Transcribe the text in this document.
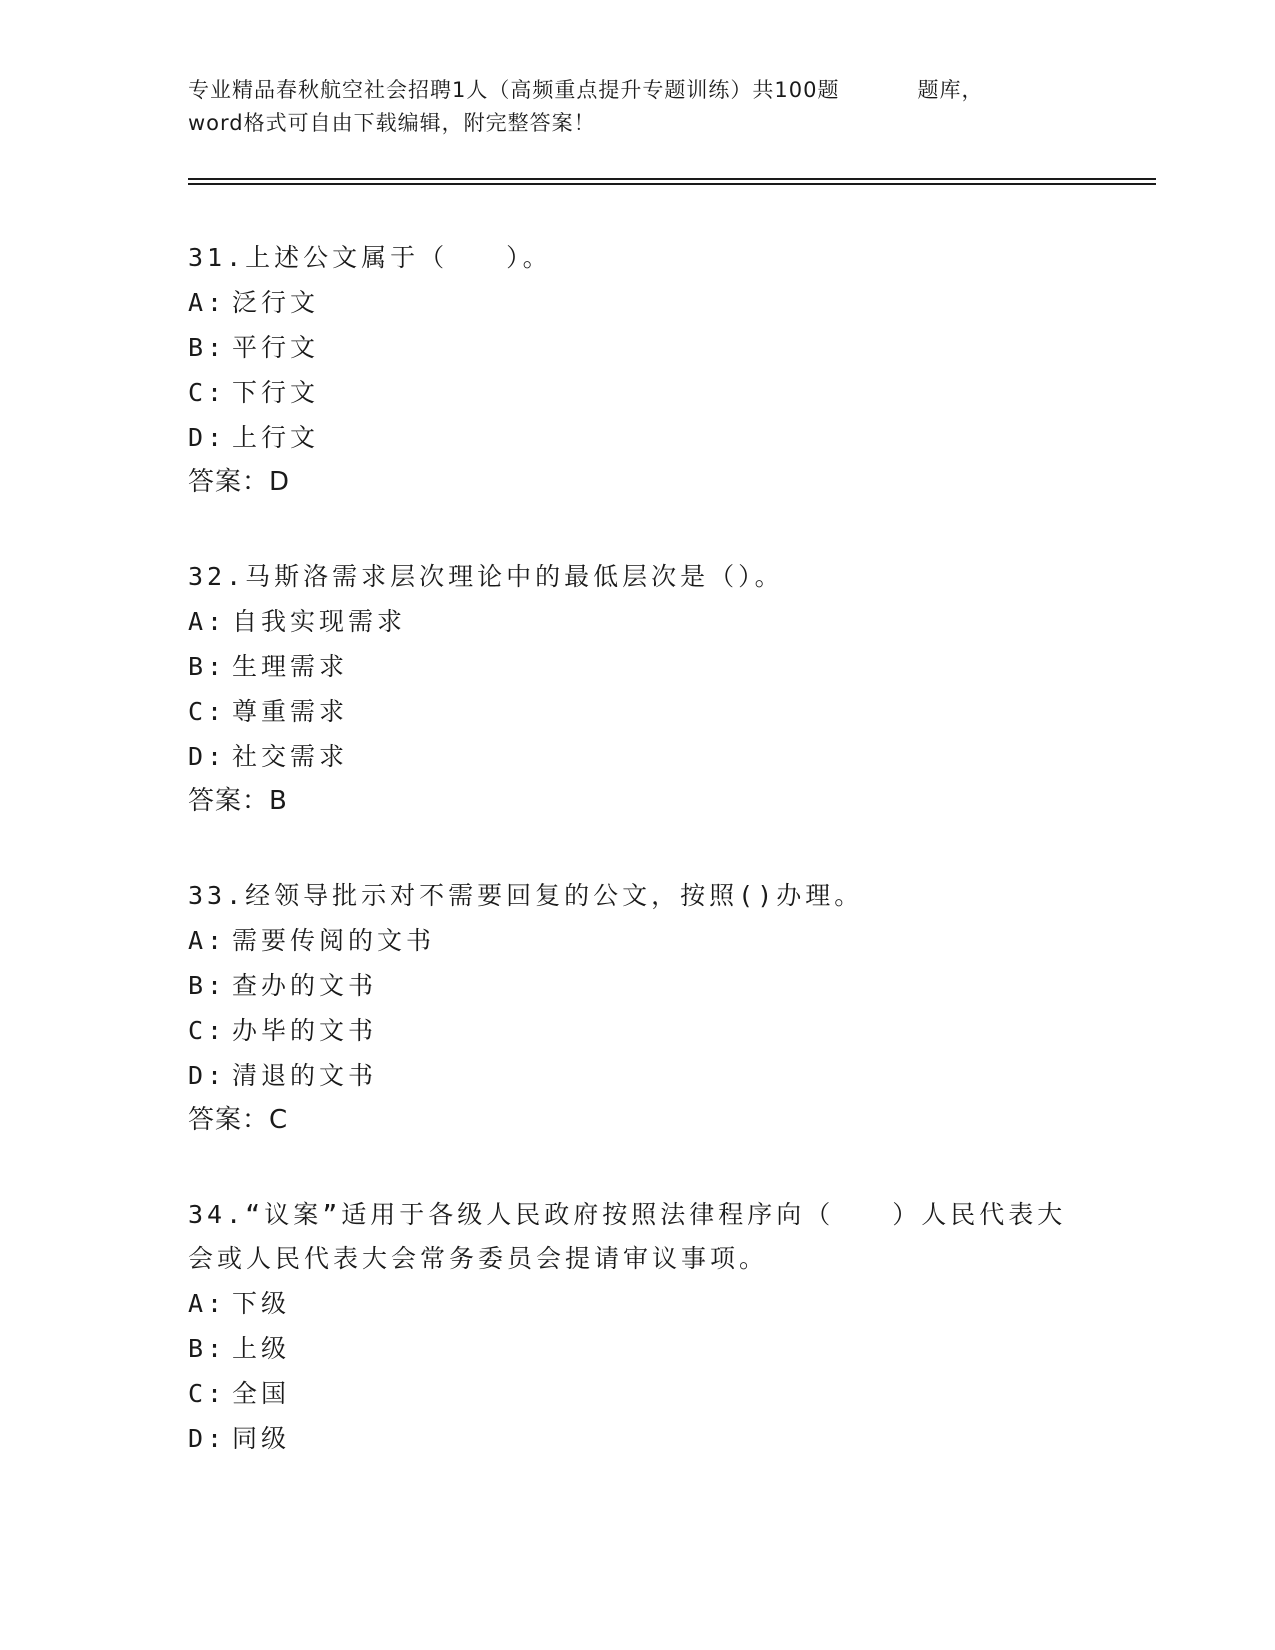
专业精品春秋航空社会招聘1人（高频重点提升专题训练）共100题	题库，
word格式可自由下载编辑，附完整答案！
31.上述公文属于（　　）。
A: 泛行文
B: 平行文
C: 下行文
D: 上行文
答案：D
32.马斯洛需求层次理论中的最低层次是（）。
A: 自我实现需求
B: 生理需求
C: 尊重需求
D: 社交需求
答案：B
33.经领导批示对不需要回复的公文，按照()办理。
A: 需要传阅的文书
B: 查办的文书
C: 办毕的文书
D: 清退的文书
答案：C
34.“议案”适用于各级人民政府按照法律程序向（　　）人民代表大
会或人民代表大会常务委员会提请审议事项。
A: 下级
B: 上级
C: 全国
D: 同级
